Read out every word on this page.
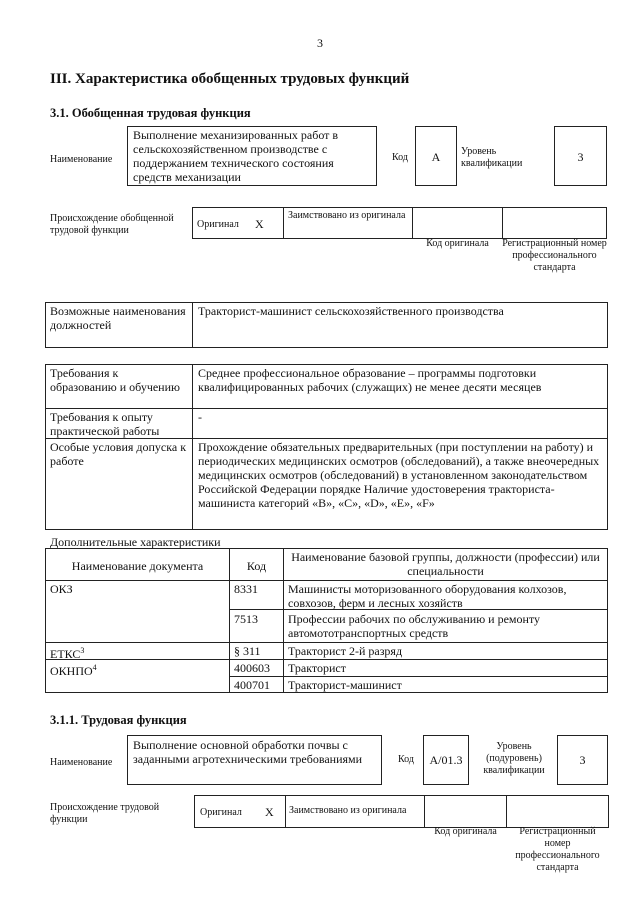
3
III. Характеристика обобщенных трудовых функций
3.1. Обобщенная трудовая функция
Наименование
Выполнение механизированных работ в сельскохозяйственном производстве с поддержанием технического состояния средств механизации
Код	А	Уровень квалификации	3
Происхождение обобщенной трудовой функции
Оригинал X
Заимствовано из оригинала
Код оригинала	Регистрационный номер профессионального стандарта
Возможные наименования должностей
Тракторист-машинист сельскохозяйственного производства
Требования к образованию и обучению
Среднее профессиональное образование – программы подготовки квалифицированных рабочих (служащих) не менее десяти месяцев
Требования к опыту практической работы
-
Особые условия допуска к работе
Прохождение обязательных предварительных (при поступлении на работу) и периодических медицинских осмотров (обследований), а также внеочередных медицинских осмотров (обследований) в установленном законодательством Российской Федерации порядке Наличие удостоверения тракториста-машиниста категорий «В», «С», «D», «Е», «F»
Дополнительные характеристики
Наименование документа	Код
Наименование базовой группы, должности (профессии) или специальности
ОКЗ	8331	Машинисты моторизованного оборудования колхозов, совхозов, ферм и лесных хозяйств
7513	Профессии рабочих по обслуживанию и ремонту автомототранспортных средств
ЕТКС$^3$	§ 311 Тракторист 2-й разряд
ОКНПО$^4$	400603 Тракторист
400701 Тракторист-машинист
3.1.1. Трудовая функция
Наименование
Выполнение основной обработки почвы с заданными агротехническими требованиями	Код	A/01.3
Уровень (подуровень) квалификации
3
Происхождение трудовой функции
Оригинал X Заимствовано из оригинала
Код оригинала	Регистрационный номер профессионального стандарта
